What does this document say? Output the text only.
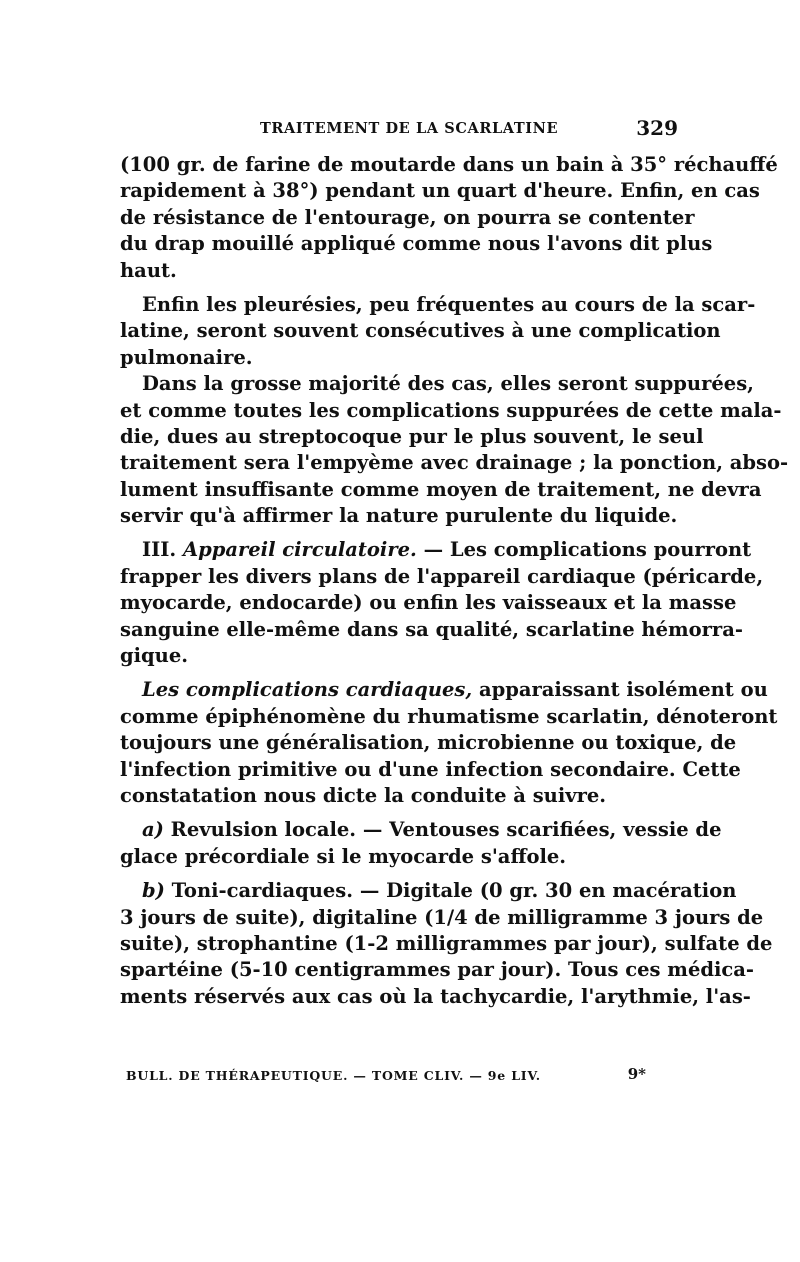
TRAITEMENT DE LA SCARLATINE	329
(100 gr. de farine de moutarde dans un bain à 35° réchauffé
rapidement à 38°) pendant un quart d'heure. Enfin, en cas
de résistance de l'entourage, on pourra se contenter
du drap mouillé appliqué comme nous l'avons dit plus
haut.
Enfin les pleurésies, peu fréquentes au cours de la scar-
latine, seront souvent consécutives à une complication
pulmonaire.
Dans la grosse majorité des cas, elles seront suppurées,
et comme toutes les complications suppurées de cette mala-
die, dues au streptocoque pur le plus souvent, le seul
traitement sera l'empyème avec drainage ; la ponction, abso-
lument insuffisante comme moyen de traitement, ne devra
servir qu'à affirmer la nature purulente du liquide.
III. Appareil circulatoire. — Les complications pourront
frapper les divers plans de l'appareil cardiaque (péricarde,
myocarde, endocarde) ou enfin les vaisseaux et la masse
sanguine elle-même dans sa qualité, scarlatine hémorra-
gique.
Les complications cardiaques, apparaissant isolément ou
comme épiphénomène du rhumatisme scarlatin, dénoteront
toujours une généralisation, microbienne ou toxique, de
l'infection primitive ou d'une infection secondaire. Cette
constatation nous dicte la conduite à suivre.
a) Revulsion locale. — Ventouses scarifiées, vessie de
glace précordiale si le myocarde s'affole.
b) Toni-cardiaques. — Digitale (0 gr. 30 en macération
3 jours de suite), digitaline (1/4 de milligramme 3 jours de
suite), strophantine (1-2 milligrammes par jour), sulfate de
spartéine (5-10 centigrammes par jour). Tous ces médica-
ments réservés aux cas où la tachycardie, l'arythmie, l'as-
BULL. DE THÉRAPEUTIQUE. — TOME CLIV. — 9e LIV.	9*
